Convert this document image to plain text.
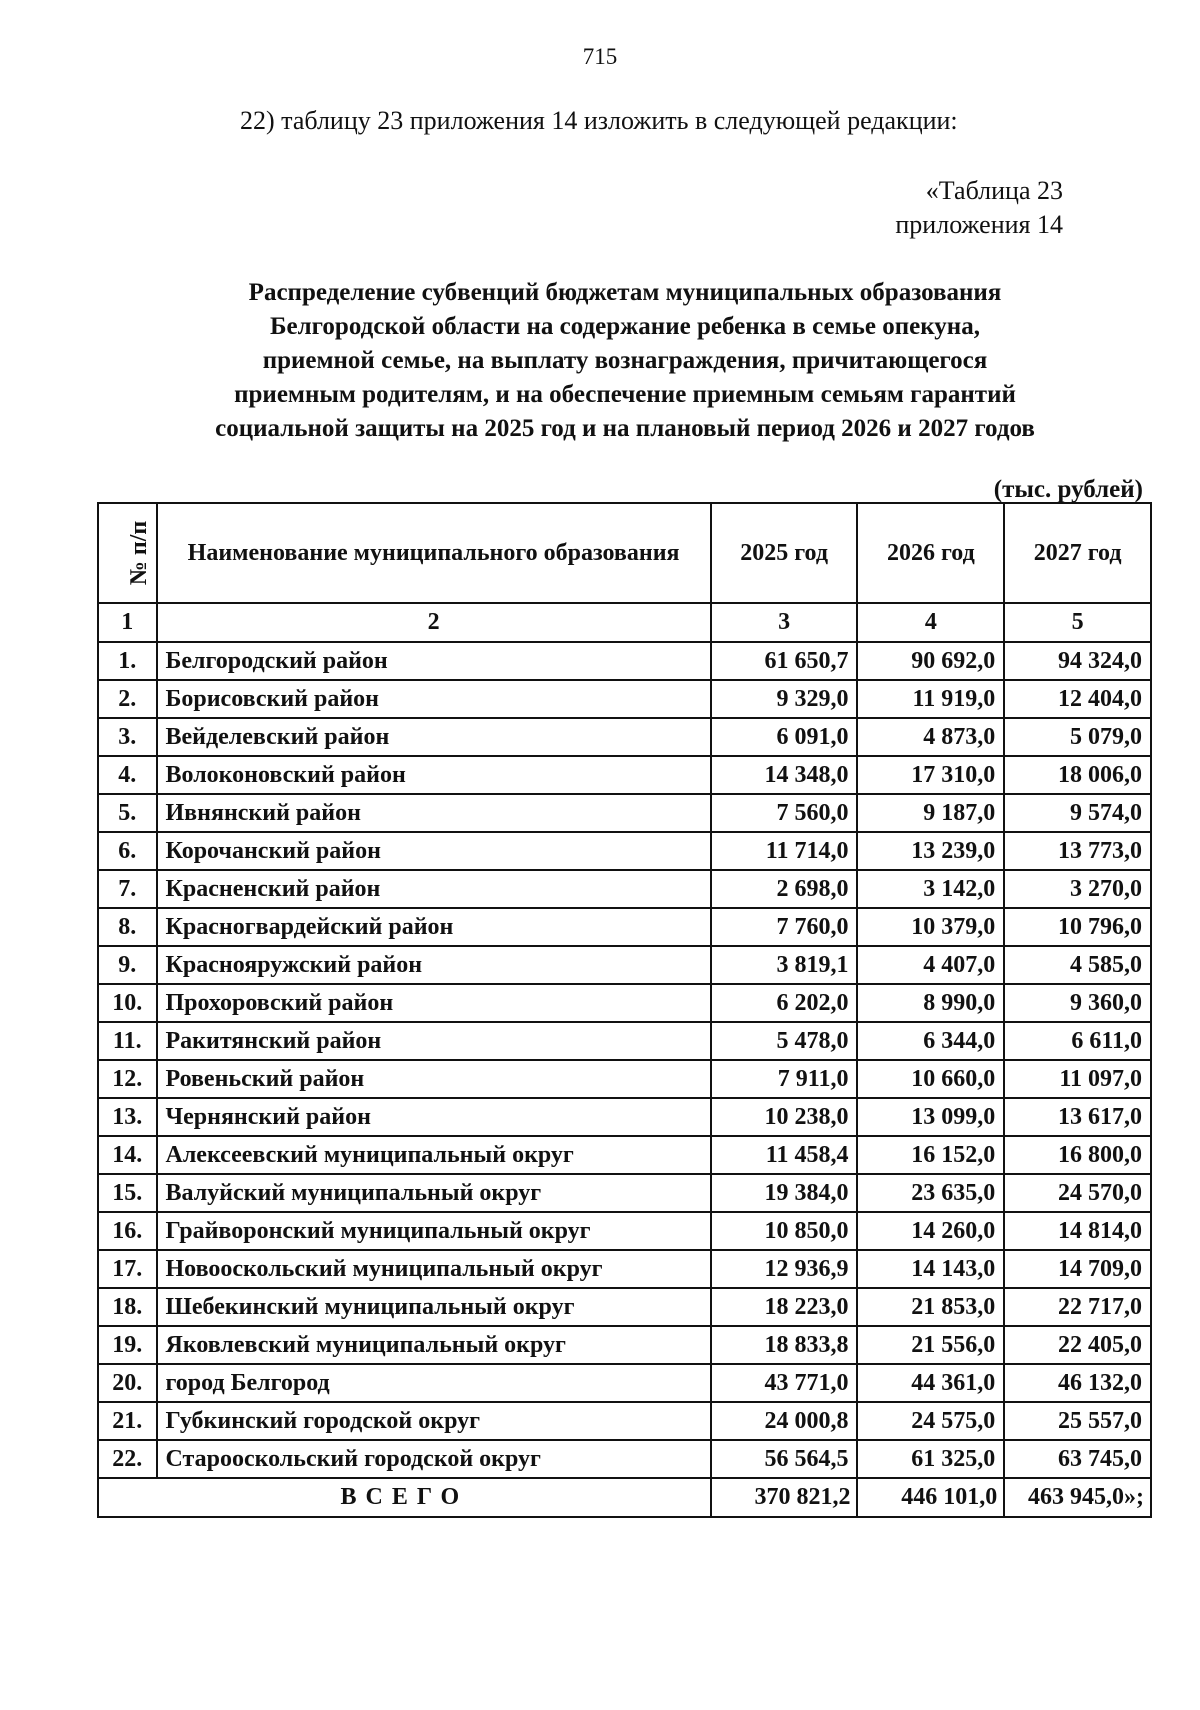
715
22) таблицу 23 приложения 14 изложить в следующей редакции:
«Таблица 23
приложения 14
Распределение субвенций бюджетам муниципальных образования
Белгородской области на содержание ребенка в семье опекуна,
приемной семье, на выплату вознаграждения, причитающегося
приемным родителям, и на обеспечение приемным семьям гарантий
социальной защиты на 2025 год и на плановый период 2026 и 2027 годов
(тыс. рублей)
№ п/п	Наименование муниципального образования	2025 год	2026 год	2027 год
1	2	3	4	5
1.	Белгородский район	61 650,7	90 692,0	94 324,0
2.	Борисовский район	9 329,0	11 919,0	12 404,0
3.	Вейделевский район	6 091,0	4 873,0	5 079,0
4.	Волоконовский район	14 348,0	17 310,0	18 006,0
5.	Ивнянский район	7 560,0	9 187,0	9 574,0
6.	Корочанский район	11 714,0	13 239,0	13 773,0
7.	Красненский район	2 698,0	3 142,0	3 270,0
8.	Красногвардейский район	7 760,0	10 379,0	10 796,0
9.	Краснояружский район	3 819,1	4 407,0	4 585,0
10.	Прохоровский район	6 202,0	8 990,0	9 360,0
11.	Ракитянский район	5 478,0	6 344,0	6 611,0
12.	Ровеньский район	7 911,0	10 660,0	11 097,0
13.	Чернянский район	10 238,0	13 099,0	13 617,0
14.	Алексеевский муниципальный округ	11 458,4	16 152,0	16 800,0
15.	Валуйский муниципальный округ	19 384,0	23 635,0	24 570,0
16.	Грайворонский муниципальный округ	10 850,0	14 260,0	14 814,0
17.	Новооскольский муниципальный округ	12 936,9	14 143,0	14 709,0
18.	Шебекинский муниципальный округ	18 223,0	21 853,0	22 717,0
19.	Яковлевский муниципальный округ	18 833,8	21 556,0	22 405,0
20.	город Белгород	43 771,0	44 361,0	46 132,0
21.	Губкинский городской округ	24 000,8	24 575,0	25 557,0
22.	Старооскольский городской округ	56 564,5	61 325,0	63 745,0
ВСЕГО		370 821,2	446 101,0	463 945,0»;
